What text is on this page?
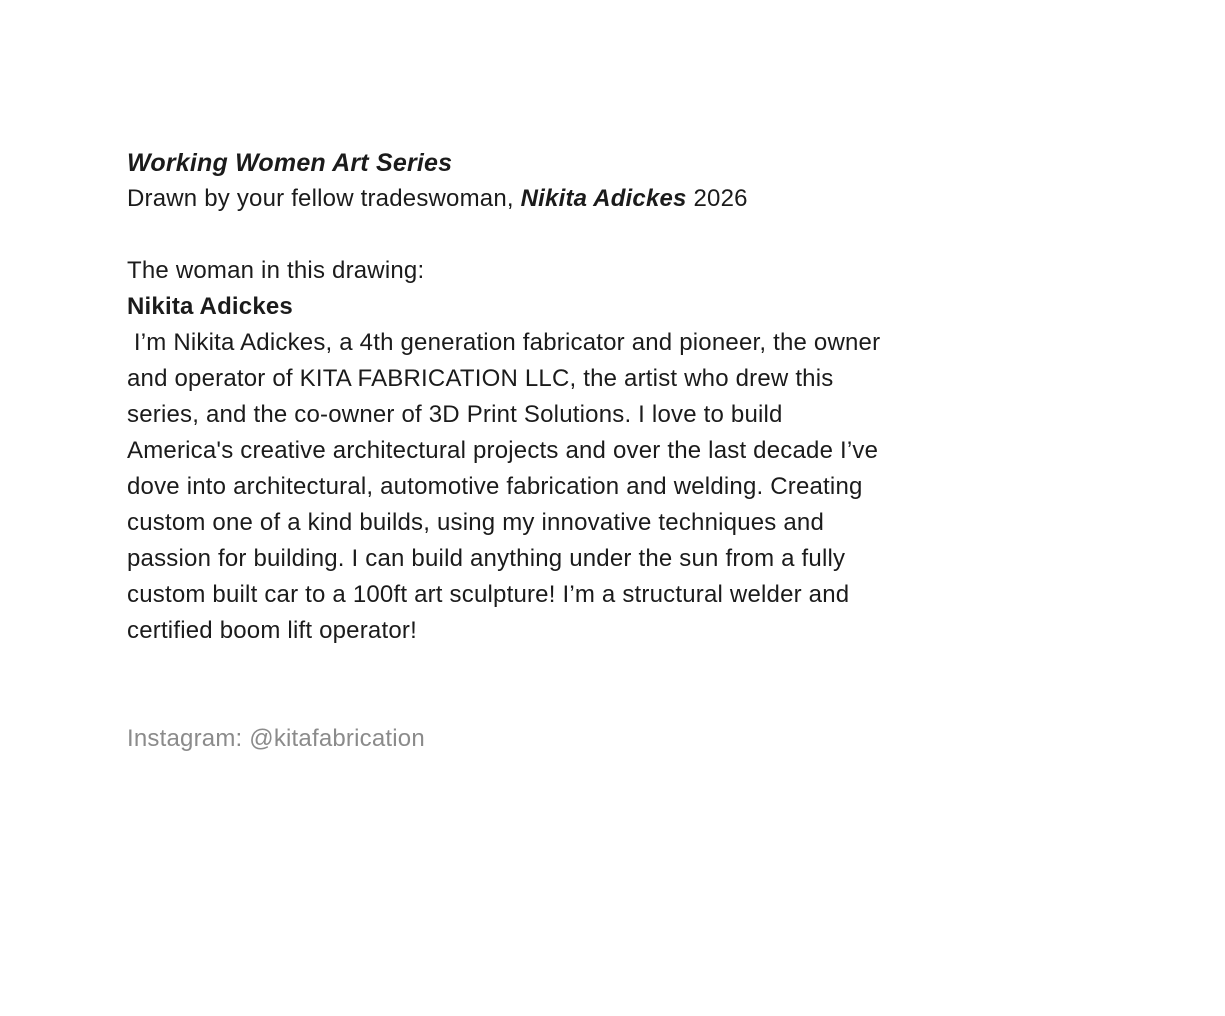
Working Women Art Series
Drawn by your fellow tradeswoman, Nikita Adickes 2026
The woman in this drawing:
Nikita Adickes
I’m Nikita Adickes, a 4th generation fabricator and pioneer, the owner and operator of KITA FABRICATION LLC, the artist who drew this series, and the co-owner of 3D Print Solutions. I love to build America's creative architectural projects and over the last decade I’ve dove into architectural, automotive fabrication and welding. Creating custom one of a kind builds, using my innovative techniques and passion for building. I can build anything under the sun from a fully custom built car to a 100ft art sculpture! I’m a structural welder and certified boom lift operator!
Instagram: @kitafabrication
